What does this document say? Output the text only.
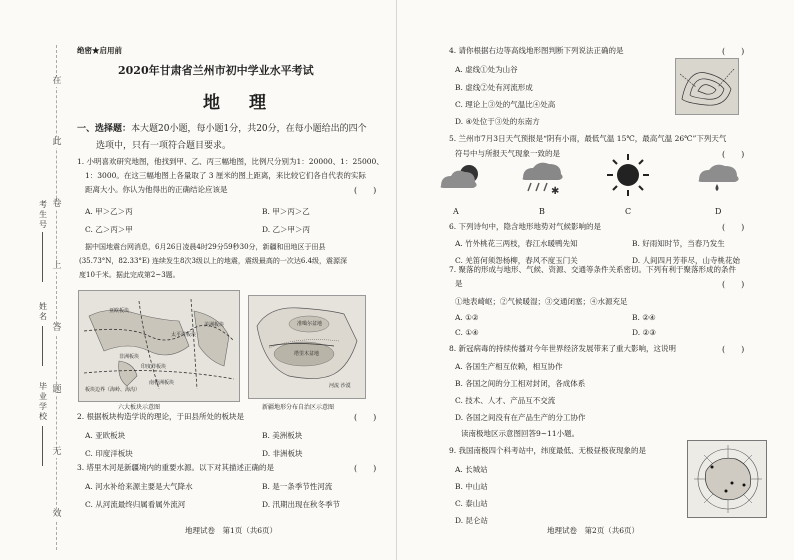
在
此
卷
上
答
题
无
效
考
生
号
姓
名
毕
业
学
校
绝密★启用前
2020年甘肃省兰州市初中学业水平考试
地　理
一、选择题：本大题20小题，每小题1分，共20分，在每小题给出的四个
选项中，只有一项符合题目要求。
1. 小明喜欢研究地图，他找到甲、乙、丙三幅地图，比例尺分别为1：20000、1：25000、
1：3000。在这三幅地图上各量取了 3 厘米的图上距离，来比较它们各自代表的实际
距离大小。你认为他得出的正确结论应该是	(　　)
A. 甲＞乙＞丙	B. 甲＞丙＞乙
C. 乙＞丙＞甲	D. 乙＞甲＞丙
据中国地震台网消息，6月26日凌晨4时29分59秒30分，新疆和田地区于田县
(35.73°N，82.33°E) 连续发生8次3级以上的地震，震级最高的一次达6.4级，震源深
度10千米。据此完成第2~3题。
亚欧板块
太平洋板块
美洲板块
非洲板块
南极洲板块
印度洋板块
板块边界（海岭、海沟）
六大板块示意图
塔里木盆地
准噶尔盆地
河流 沙漠
新疆地形分布自治区示意图
2. 根据板块构造学说的理论，于田县所处的板块是	(　　)
A. 亚欧板块	B. 美洲板块
C. 印度洋板块	D. 非洲板块
3. 塔里木河是新疆境内的重要水源。以下对其描述正确的是	(　　)
A. 河水补给来源主要是大气降水	B. 是一条季节性河流
C. 从河流最终归属看属外流河	D. 汛期出现在秋冬季节
地理试卷　第1页（共6页）
4. 请你根据右边等高线地形图判断下列说法正确的是	(　　)
A. 虚线①处为山谷
B. 虚线②处有河流形成
C. 理论上③处的气温比④处高
D. ④处位于③处的东南方
5. 兰州市7月3日天气预报是“阴有小雨，最低气温 15℃，最高气温 26℃”下列天气
符号中与所报天气现象一致的是	(　　)
✱
A	B	C	D
6. 下列诗句中，隐含地形地势对气候影响的是	(　　)
A. 竹外桃花三两枝，春江水暖鸭先知	B. 好雨知时节，当春乃发生
C. 羌笛何须怨杨柳，春风不度玉门关	D. 人间四月芳菲尽，山寺桃花始
7. 聚落的形成与地形、气候、资源、交通等条件关系密切。下列有利于聚落形成的条件
是	(　　)
①地表崎岖；②气候暖湿；③交通闭塞；④水源充足
A. ①②	B. ②④
C. ①④	D. ②③
8. 新冠病毒的持续传播对今年世界经济发展带来了重大影响，这说明	(　　)
A. 各国生产相互依赖，相互协作
B. 各国之间的分工相对封闭，各成体系
C. 技术、人才、产品互不交流
D. 各国之间没有在产品生产的分工协作
读南极地区示意图回答9~11小题。
9. 我国南极四个科考站中，纬度最低、无极昼极夜现象的是
A. 长城站
B. 中山站
C. 泰山站
D. 昆仑站
地理试卷　第2页（共6页）
